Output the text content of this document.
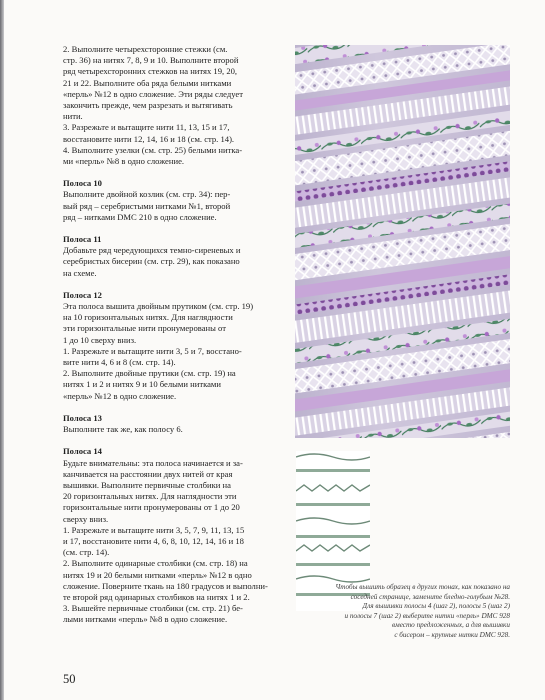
2. Выполните четырехсторонние стежки (см.
стр. 36) на нитях 7, 8, 9 и 10. Выполните второй
ряд четырехсторонних стежков на нитях 19, 20,
21 и 22. Выполните оба ряда белыми нитками
«перль» №12 в одно сложение. Эти ряды следует
закончить прежде, чем разрезать и вытягивать
нити.
3. Разрежьте и вытащите нити 11, 13, 15 и 17,
восстановите нити 12, 14, 16 и 18 (см. стр. 14).
4. Выполните узелки (см. стр. 25) белыми нитка-
ми «перль» №8 в одно сложение.

Полоса 10
Выполните двойной козлик (см. стр. 34): пер-
вый ряд – серебристыми нитками №1, второй
ряд – нитками DMC 210 в одно сложение.

Полоса 11
Добавьте ряд чередующихся темно-сиреневых и
серебристых бисерин (см. стр. 29), как показано
на схеме.

Полоса 12
Эта полоса вышита двойным прутиком (см. стр. 19)
на 10 горизонтальных нитях. Для наглядности
эти горизонтальные нити пронумерованы от
1 до 10 сверху вниз.
1. Разрежьте и вытащите нити 3, 5 и 7, восстано-
вите нити 4, 6 и 8 (см. стр. 14).
2. Выполните двойные прутики (см. стр. 19) на
нитях 1 и 2 и нитях 9 и 10 белыми нитками
«перль» №12 в одно сложение.

Полоса 13
Выполните так же, как полосу 6.

Полоса 14
Будьте внимательны: эта полоса начинается и за-
канчивается на расстоянии двух нитей от края
вышивки. Выполните первичные столбики на
20 горизонтальных нитях. Для наглядности эти
горизонтальные нити пронумерованы от 1 до 20
сверху вниз.
1. Разрежьте и вытащите нити 3, 5, 7, 9, 11, 13, 15
и 17, восстановите нити 4, 6, 8, 10, 12, 14, 16 и 18
(см. стр. 14).
2. Выполните одинарные столбики (см. стр. 18) на
нитях 19 и 20 белыми нитками «перль» №12 в одно
сложение. Поверните ткань на 180 градусов и выполни-
те второй ряд одинарных столбиков на нитях 1 и 2.
3. Вышейте первичные столбики (см. стр. 21) бе-
лыми нитками «перль» №8 в одно сложение.

Чтобы вышить образец в других тонах, как показано на
соседней странице, замените бледно-голубым №28.
Для вышивки полосы 4 (шаг 2), полосы 5 (шаг 2)
и полосы 7 (шаг 2) выберите нитки «перль» DMC 928
вместо предложенных, а для вышивки
с бисером – крупные нитки DMC 928.
50
